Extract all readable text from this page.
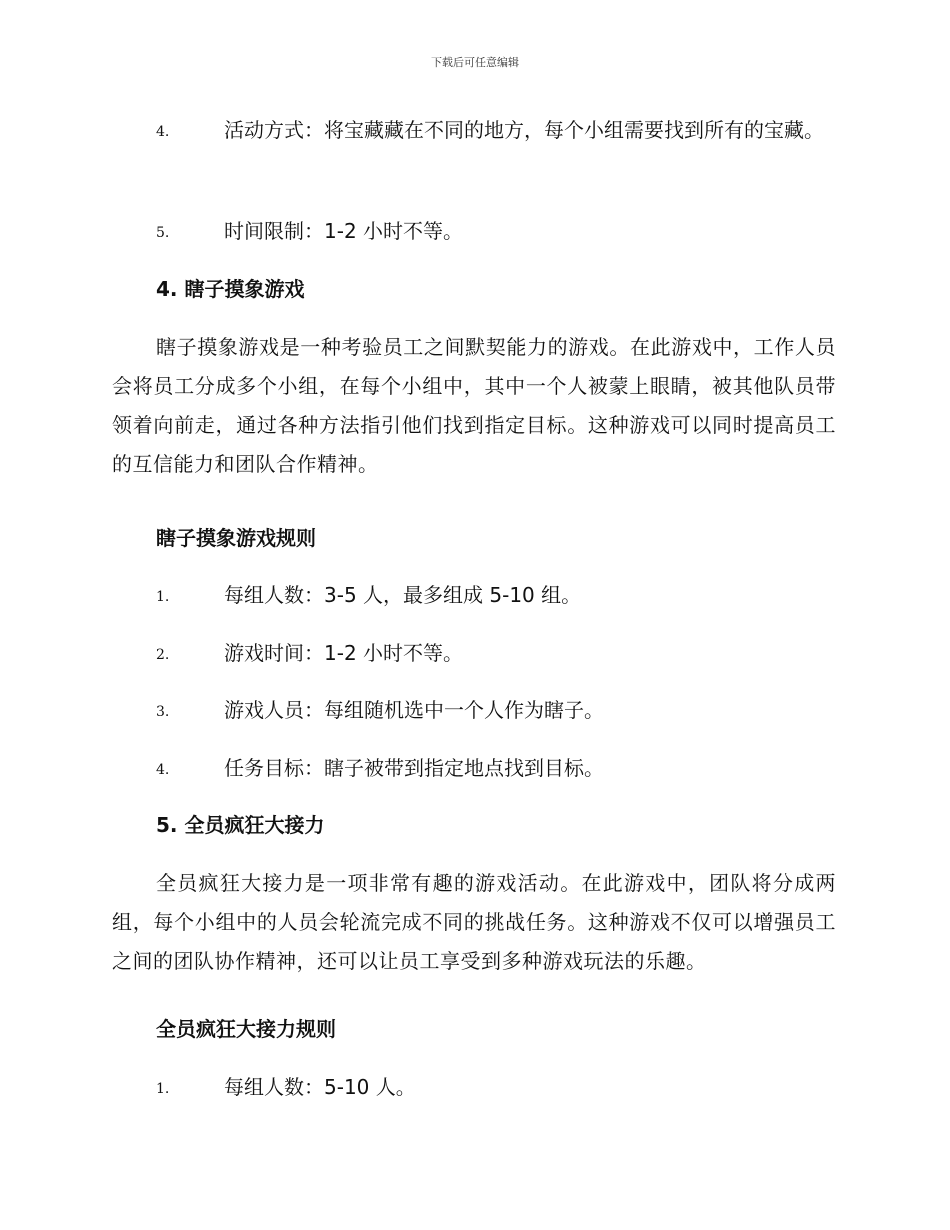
下载后可任意编辑
4.	活动方式：将宝藏藏在不同的地方，每个小组需要找到所有的宝藏。
5.	时间限制：1-2 小时不等。
4. 瞎子摸象游戏
瞎子摸象游戏是一种考验员工之间默契能力的游戏。在此游戏中，工作人员会将员工分成多个小组，在每个小组中，其中一个人被蒙上眼睛，被其他队员带领着向前走，通过各种方法指引他们找到指定目标。这种游戏可以同时提高员工的互信能力和团队合作精神。
瞎子摸象游戏规则
1.	每组人数：3-5 人，最多组成 5-10 组。
2.	游戏时间：1-2 小时不等。
3.	游戏人员：每组随机选中一个人作为瞎子。
4.	任务目标：瞎子被带到指定地点找到目标。
5. 全员疯狂大接力
全员疯狂大接力是一项非常有趣的游戏活动。在此游戏中，团队将分成两组，每个小组中的人员会轮流完成不同的挑战任务。这种游戏不仅可以增强员工之间的团队协作精神，还可以让员工享受到多种游戏玩法的乐趣。
全员疯狂大接力规则
1.	每组人数：5-10 人。
